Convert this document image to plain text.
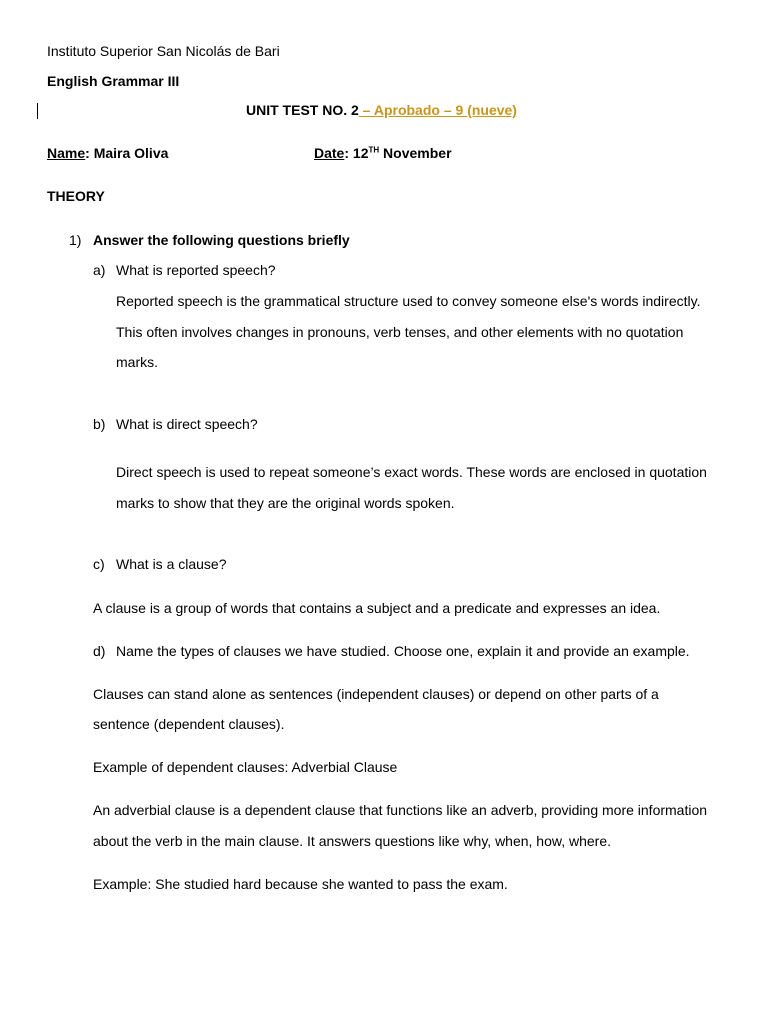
Instituto Superior San Nicolás de Bari
English Grammar III
UNIT TEST NO. 2 – Aprobado – 9 (nueve)
Name: Maira Oliva	Date: 12TH November
THEORY
1) Answer the following questions briefly
a) What is reported speech?
Reported speech is the grammatical structure used to convey someone else's words indirectly.
This often involves changes in pronouns, verb tenses, and other elements with no quotation
marks.
b) What is direct speech?
Direct speech is used to repeat someone’s exact words. These words are enclosed in quotation
marks to show that they are the original words spoken.
c) What is a clause?
A clause is a group of words that contains a subject and a predicate and expresses an idea.
d) Name the types of clauses we have studied. Choose one, explain it and provide an example.
Clauses can stand alone as sentences (independent clauses) or depend on other parts of a
sentence (dependent clauses).
Example of dependent clauses: Adverbial Clause
An adverbial clause is a dependent clause that functions like an adverb, providing more information
about the verb in the main clause. It answers questions like why, when, how, where.
Example: She studied hard because she wanted to pass the exam.
